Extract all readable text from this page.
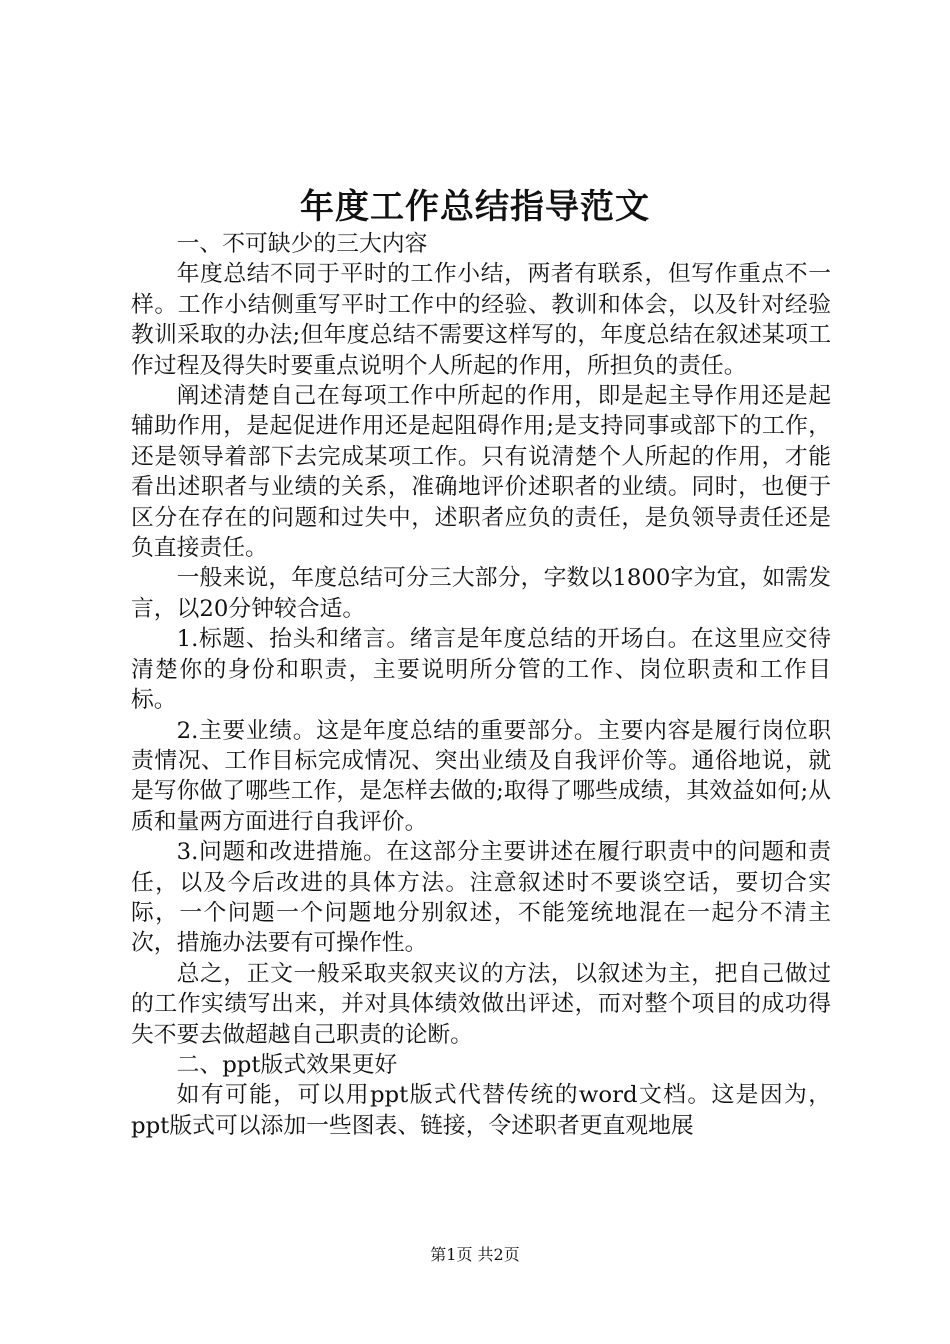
年度工作总结指导范文

一、不可缺少的三大内容

年度总结不同于平时的工作小结，两者有联系，但写作重点不一样。工作小结侧重写平时工作中的经验、教训和体会，以及针对经验教训采取的办法;但年度总结不需要这样写的，年度总结在叙述某项工作过程及得失时要重点说明个人所起的作用，所担负的责任。

阐述清楚自己在每项工作中所起的作用，即是起主导作用还是起辅助作用，是起促进作用还是起阻碍作用;是支持同事或部下的工作，还是领导着部下去完成某项工作。只有说清楚个人所起的作用，才能看出述职者与业绩的关系，准确地评价述职者的业绩。同时，也便于区分在存在的问题和过失中，述职者应负的责任，是负领导责任还是负直接责任。

一般来说，年度总结可分三大部分，字数以1800字为宜，如需发言，以20分钟较合适。

1.标题、抬头和绪言。绪言是年度总结的开场白。在这里应交待清楚你的身份和职责，主要说明所分管的工作、岗位职责和工作目标。

2.主要业绩。这是年度总结的重要部分。主要内容是履行岗位职责情况、工作目标完成情况、突出业绩及自我评价等。通俗地说，就是写你做了哪些工作，是怎样去做的;取得了哪些成绩，其效益如何;从质和量两方面进行自我评价。

3.问题和改进措施。在这部分主要讲述在履行职责中的问题和责任，以及今后改进的具体方法。注意叙述时不要谈空话，要切合实际，一个问题一个问题地分别叙述，不能笼统地混在一起分不清主次，措施办法要有可操作性。

总之，正文一般采取夹叙夹议的方法，以叙述为主，把自己做过的工作实绩写出来，并对具体绩效做出评述，而对整个项目的成功得失不要去做超越自己职责的论断。

二、ppt版式效果更好

如有可能，可以用ppt版式代替传统的word文档。这是因为，ppt版式可以添加一些图表、链接，令述职者更直观地展

第1页 共2页
